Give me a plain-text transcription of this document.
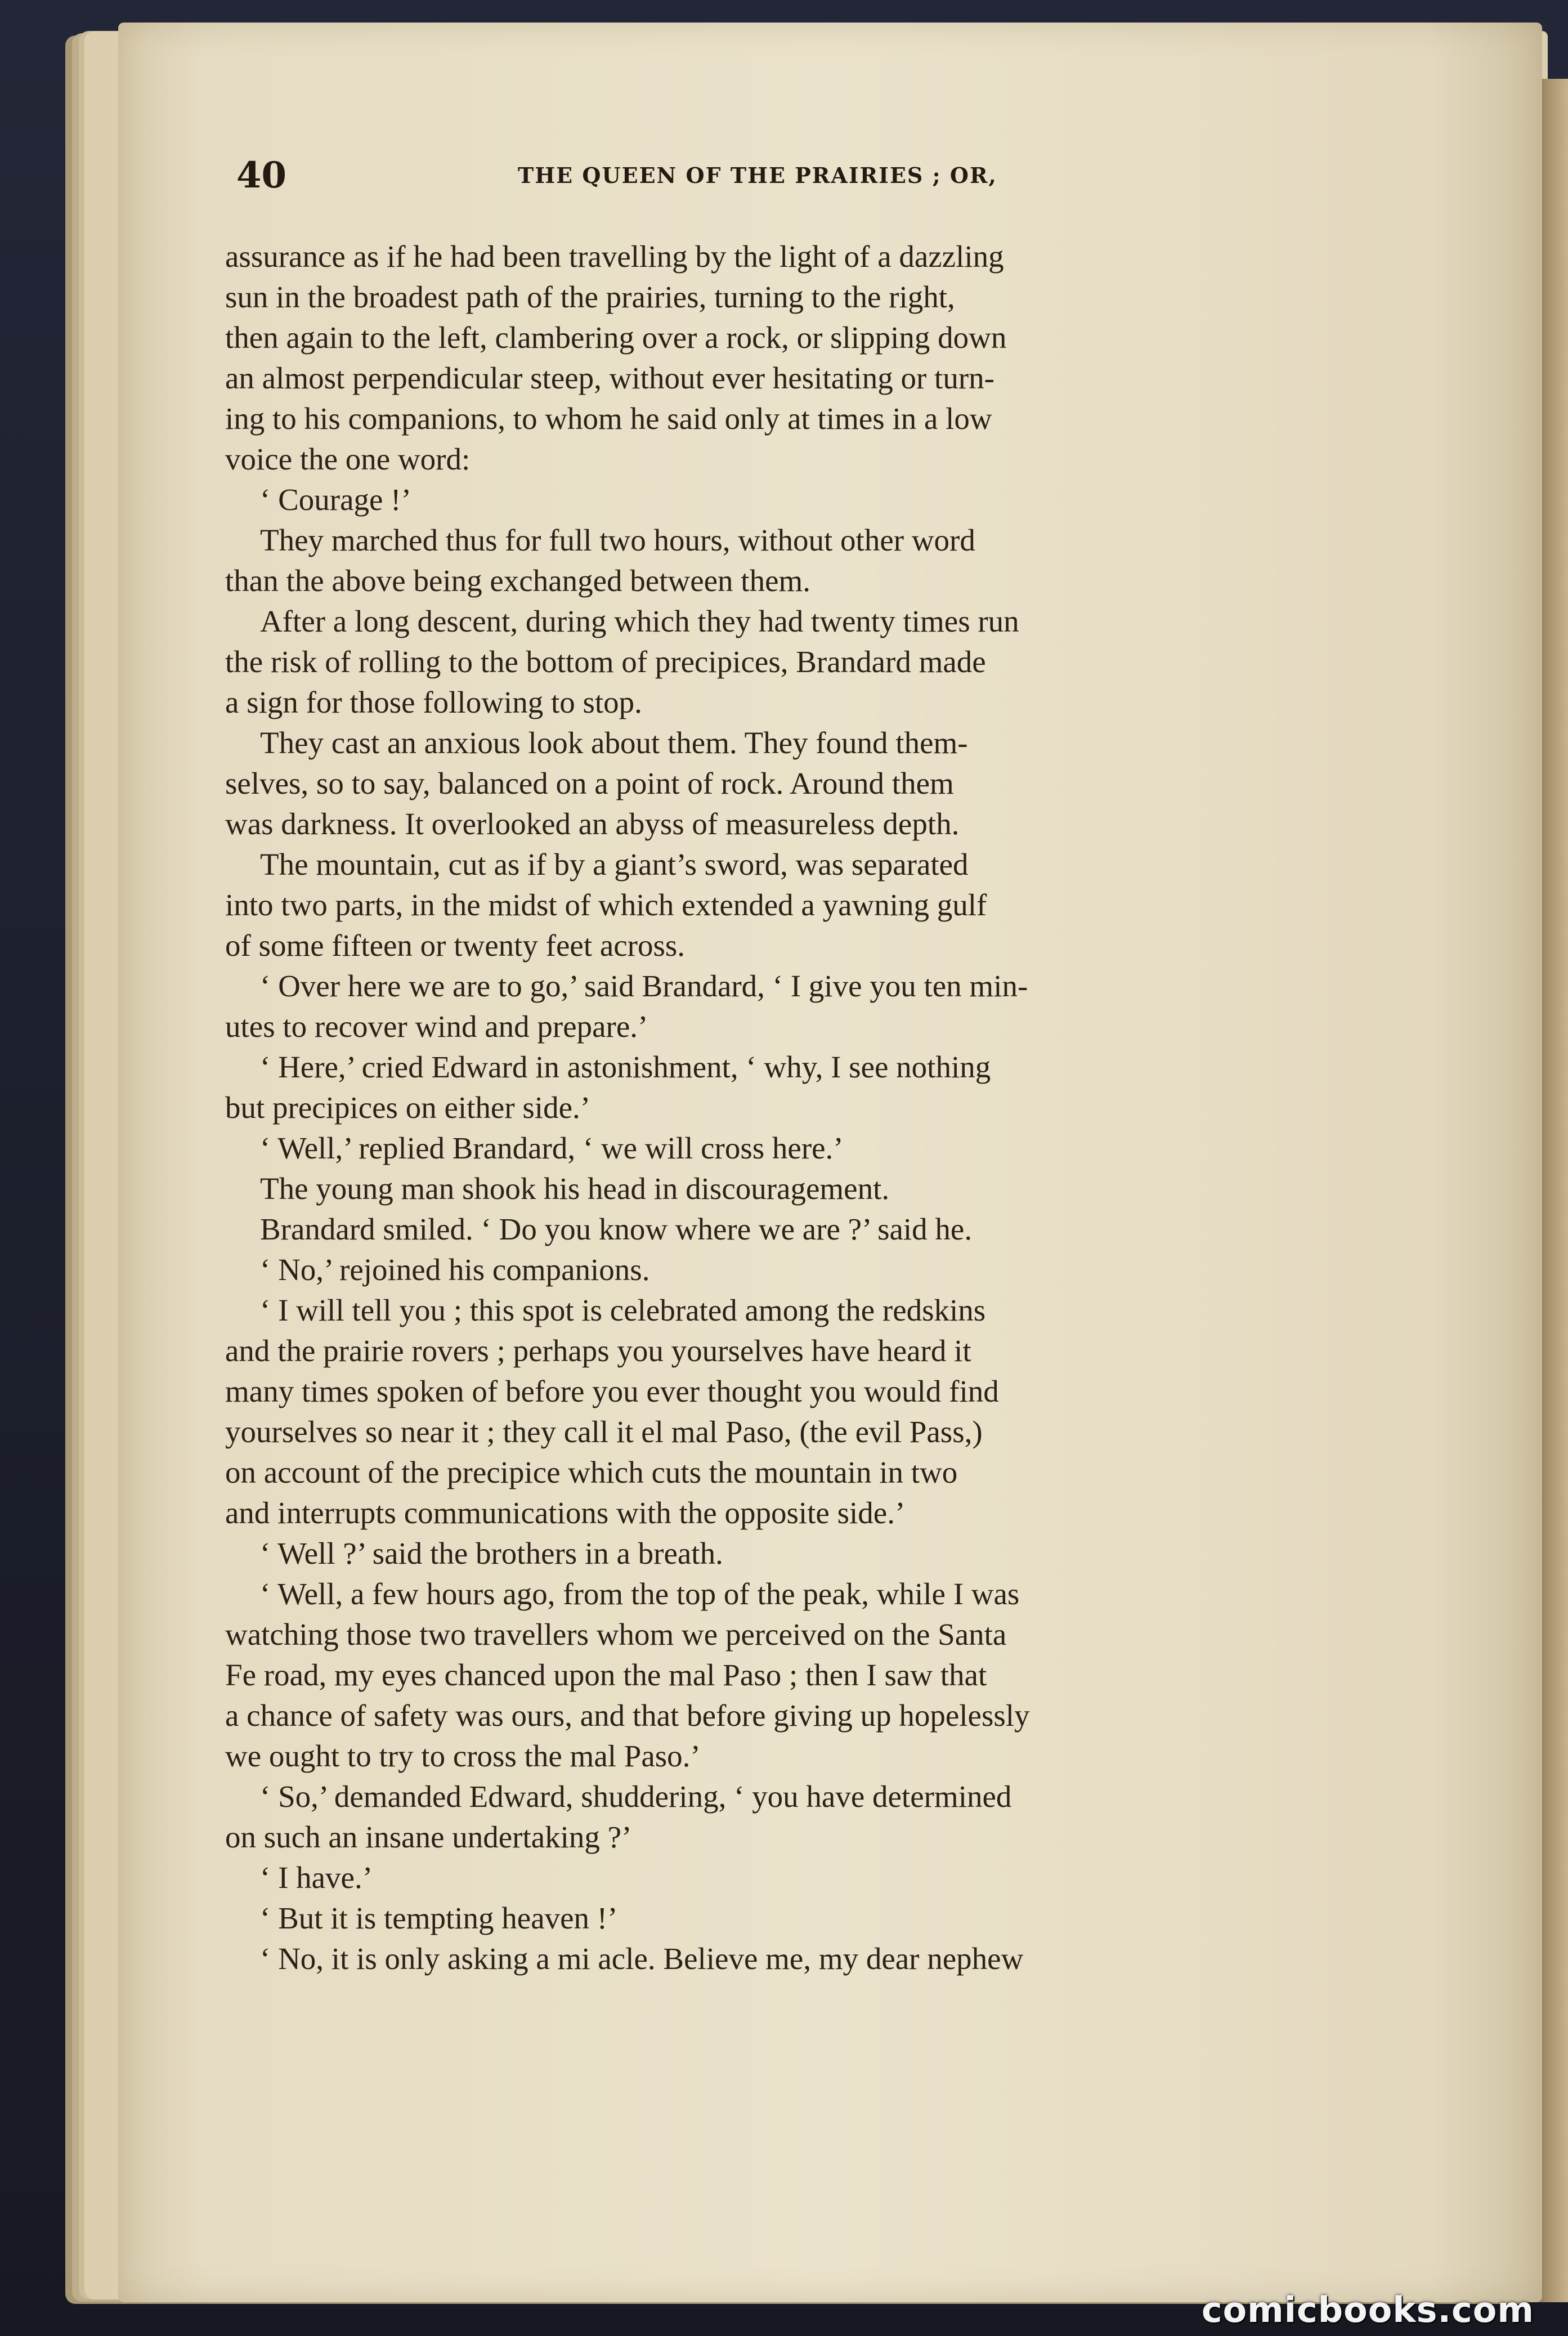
40	THE QUEEN OF THE PRAIRIES ; OR,
assurance as if he had been travelling by the light of a dazzling
sun in the broadest path of the prairies, turning to the right,
then again to the left, clambering over a rock, or slipping down
an almost perpendicular steep, without ever hesitating or turn-
ing to his companions, to whom he said only at times in a low
voice the one word:
‘ Courage !’
They marched thus for full two hours, without other word
than the above being exchanged between them.
After a long descent, during which they had twenty times run
the risk of rolling to the bottom of precipices, Brandard made
a sign for those following to stop.
They cast an anxious look about them. They found them-
selves, so to say, balanced on a point of rock. Around them
was darkness. It overlooked an abyss of measureless depth.
The mountain, cut as if by a giant’s sword, was separated
into two parts, in the midst of which extended a yawning gulf
of some fifteen or twenty feet across.
‘ Over here we are to go,’ said Brandard, ‘ I give you ten min-
utes to recover wind and prepare.’
‘ Here,’ cried Edward in astonishment, ‘ why, I see nothing
but precipices on either side.’
‘ Well,’ replied Brandard, ‘ we will cross here.’
The young man shook his head in discouragement.
Brandard smiled. ‘ Do you know where we are ?’ said he.
‘ No,’ rejoined his companions.
‘ I will tell you ; this spot is celebrated among the redskins
and the prairie rovers ; perhaps you yourselves have heard it
many times spoken of before you ever thought you would find
yourselves so near it ; they call it el mal Paso, (the evil Pass,)
on account of the precipice which cuts the mountain in two
and interrupts communications with the opposite side.’
‘ Well ?’ said the brothers in a breath.
‘ Well, a few hours ago, from the top of the peak, while I was
watching those two travellers whom we perceived on the Santa
Fe road, my eyes chanced upon the mal Paso ; then I saw that
a chance of safety was ours, and that before giving up hopelessly
we ought to try to cross the mal Paso.’
‘ So,’ demanded Edward, shuddering, ‘ you have determined
on such an insane undertaking ?’
‘ I have.’
‘ But it is tempting heaven !’
‘ No, it is only asking a mi acle. Believe me, my dear nephew
comicbooks.com
